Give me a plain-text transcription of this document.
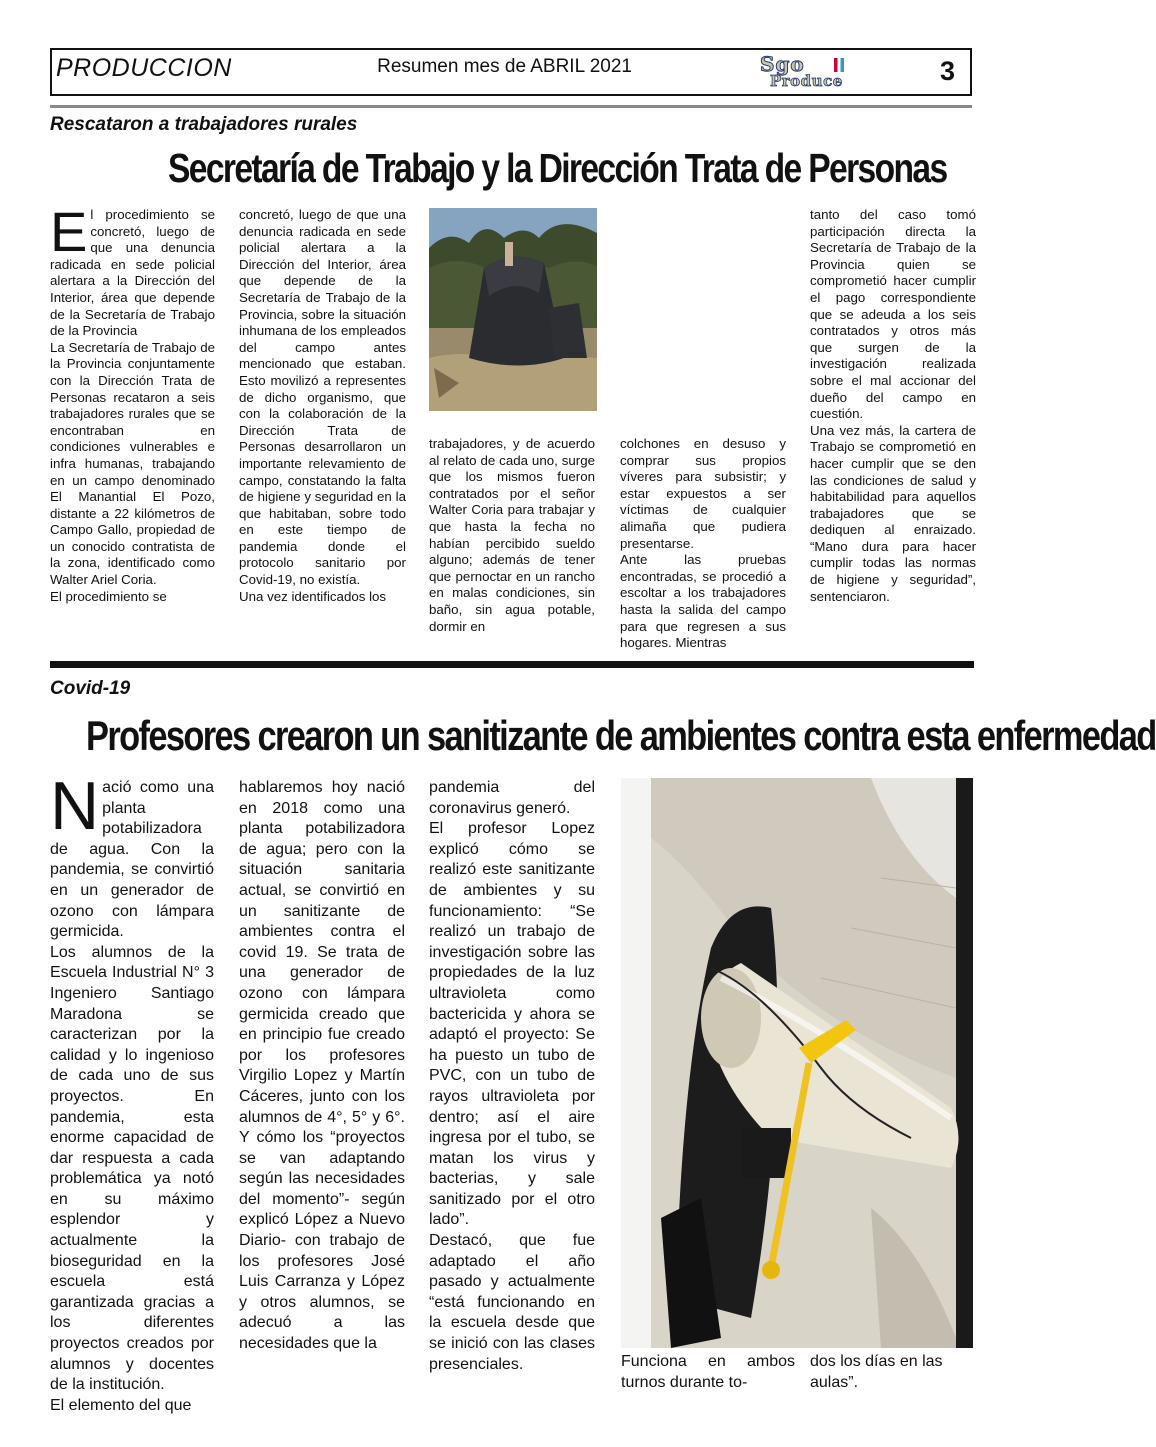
PRODUCCION	Resumen mes de ABRIL 2021	Sgo
Produce	3
Rescataron a trabajadores rurales
Secretaría de Trabajo y la Dirección Trata de Personas
E l procedimiento se concretó, luego de que una denuncia radicada en sede policial alertara a la Dirección del Interior, área que depende de la Secretaría de Trabajo de la Provincia

La Secretaría de Trabajo de la Provincia conjuntamente con la Dirección Trata de Personas recataron a seis trabajadores rurales que se encontraban en condiciones vulnerables e infra humanas, trabajando en un campo denominado El Manantial El Pozo, distante a 22 kilómetros de Campo Gallo, propiedad de un conocido contratista de la zona, identificado como Walter Ariel Coria.

El procedimiento se

concretó, luego de que una denuncia radicada en sede policial alertara a la Dirección del Interior, área que depende de la Secretaría de Trabajo de la Provincia, sobre la situación inhumana de los empleados del campo antes mencionado que estaban. Esto movilizó a representes de dicho organismo, que con la colaboración de la Dirección Trata de Personas desarrollaron un importante relevamiento de campo, constatando la falta de higiene y seguridad en la que habitaban, sobre todo en este tiempo de pandemia donde el protocolo sanitario por Covid-19, no existía.

Una vez identificados los

trabajadores, y de acuerdo al relato de cada uno, surge que los mismos fueron contratados por el señor Walter Coria para trabajar y que hasta la fecha no habían percibido sueldo alguno; además de tener que pernoctar en un rancho en malas condiciones, sin baño, sin agua potable, dormir en

colchones en desuso y comprar sus propios víveres para subsistir; y estar expuestos a ser víctimas de cualquier alimaña que pudiera presentarse.

Ante las pruebas encontradas, se procedió a escoltar a los trabajadores hasta la salida del campo para que regresen a sus hogares. Mientras

tanto del caso tomó participación directa la Secretaría de Trabajo de la Provincia quien se comprometió hacer cumplir el pago correspondiente que se adeuda a los seis contratados y otros más que surgen de la investigación realizada sobre el mal accionar del dueño del campo en cuestión.

Una vez más, la cartera de Trabajo se comprometió en hacer cumplir que se den las condiciones de salud y habitabilidad para aquellos trabajadores que se dediquen al enraizado. “Mano dura para hacer cumplir todas las normas de higiene y seguridad”, sentenciaron.

Covid-19
Profesores crearon un sanitizante de ambientes contra esta enfermedad
N ació como una planta potabilizadora de agua. Con la pandemia, se convirtió en un generador de ozono con lámpara germicida.

Los alumnos de la Escuela Industrial N° 3 Ingeniero Santiago Maradona se caracterizan por la calidad y lo ingenioso de cada uno de sus proyectos. En pandemia, esta enorme capacidad de dar respuesta a cada problemática ya notó en su máximo esplendor y actualmente la bioseguridad en la escuela está garantizada gracias a los diferentes proyectos creados por alumnos y docentes de la institución.

El elemento del que

hablaremos hoy nació en 2018 como una planta potabilizadora de agua; pero con la situación sanitaria actual, se convirtió en un sanitizante de ambientes contra el covid 19. Se trata de una generador de ozono con lámpara germicida creado que en principio fue creado por los profesores Virgilio Lopez y Martín Cáceres, junto con los alumnos de 4°, 5° y 6°. Y cómo los “proyectos se van adaptando según las necesidades del momento”- según explicó López a Nuevo Diario- con trabajo de los profesores José Luis Carranza y López y otros alumnos, se adecuó a las necesidades que la

pandemia del coronavirus generó.

El profesor Lopez explicó cómo se realizó este sanitizante de ambientes y su funcionamiento: “Se realizó un trabajo de investigación sobre las propiedades de la luz ultravioleta como bactericida y ahora se adaptó el proyecto: Se ha puesto un tubo de PVC, con un tubo de rayos ultravioleta por dentro; así el aire ingresa por el tubo, se matan los virus y bacterias, y sale sanitizado por el otro lado”.

Destacó, que fue adaptado el año pasado y actualmente “está funcionando en la escuela desde que se inició con las clases presenciales.	Funciona en ambos turnos durante to-
dos los días en las aulas”.
